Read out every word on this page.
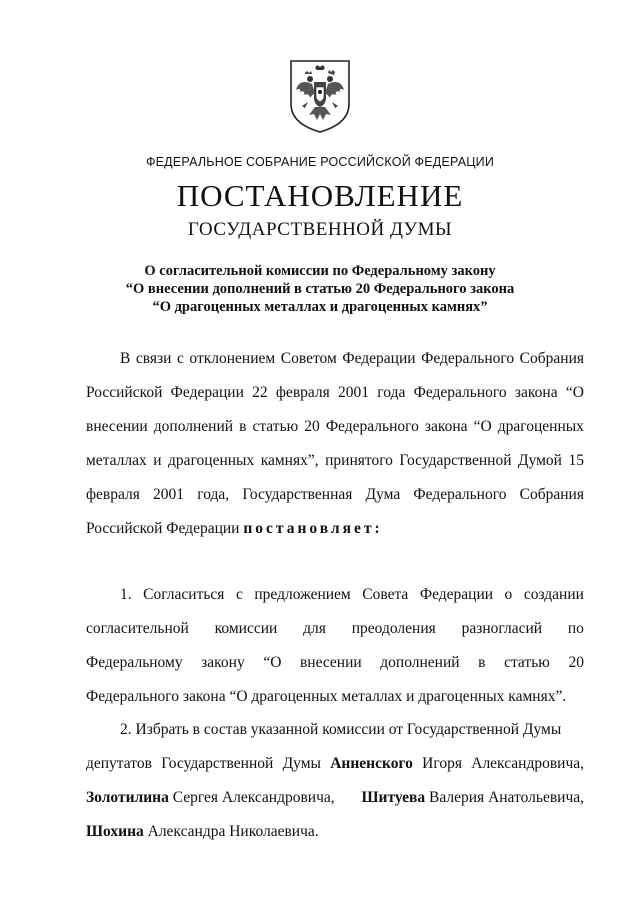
ФЕДЕРАЛЬНОЕ СОБРАНИЕ РОССИЙСКОЙ ФЕДЕРАЦИИ
ПОСТАНОВЛЕНИЕ
ГОСУДАРСТВЕННОЙ ДУМЫ
О согласительной комиссии по Федеральному закону
“О внесении дополнений в статью 20 Федерального закона
“О драгоценных металлах и драгоценных камнях”
В связи с отклонением Советом Федерации Федерального Собрания
Российской Федерации 22 февраля 2001 года Федерального закона “О
внесении дополнений в статью 20 Федерального закона “О драгоценных
металлах и драгоценных камнях”, принятого Государственной Думой 15
февраля 2001 года, Государственная Дума Федерального Собрания
Российской Федерации
постановляет:
1. Согласиться с предложением Совета Федерации о создании
согласительной комиссии для преодоления разногласий по
Федеральному закону “О внесении дополнений в статью 20
Федерального закона “О драгоценных металлах и драгоценных камнях”.
2. Избрать в состав указанной комиссии от Государственной Думы
депутатов Государственной Думы Анненского Игоря Александровича,
Золотилина Сергея Александровича, Шитуева Валерия Анатольевича,
Шохина
Александра Николаевича.
